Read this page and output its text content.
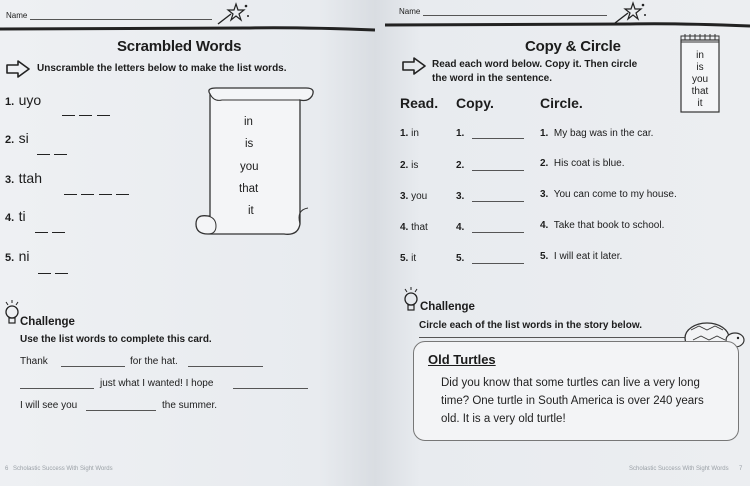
Name
Scrambled Words
Unscramble the letters below to make the list words.
1. uyo

2. si

3. ttah

4. ti

5. ni

in
is
you
that
it
Challenge
Use the list words to complete this card.
Thank	for the hat.
just what I wanted! I hope
I will see you	the summer.
6 Scholastic Success With Sight Words
Name
Copy & Circle
Read each word below. Copy it. Then circle
the word in the sentence.
in
is
you
that
it
Read. Copy.	Circle.
1. in	1.	1. My bag was in the car.
2. is	2.	2. His coat is blue.
3. you	3.	3. You can come to my house.
4. that	4.	4. Take that book to school.
5. it	5.	5. I will eat it later.
Challenge
Circle each of the list words in the story below.
Old Turtles
Did you know that some turtles can live a very long
time? One turtle in South America is over 240 years
old. It is a very old turtle!
Scholastic Success With Sight Words 7
